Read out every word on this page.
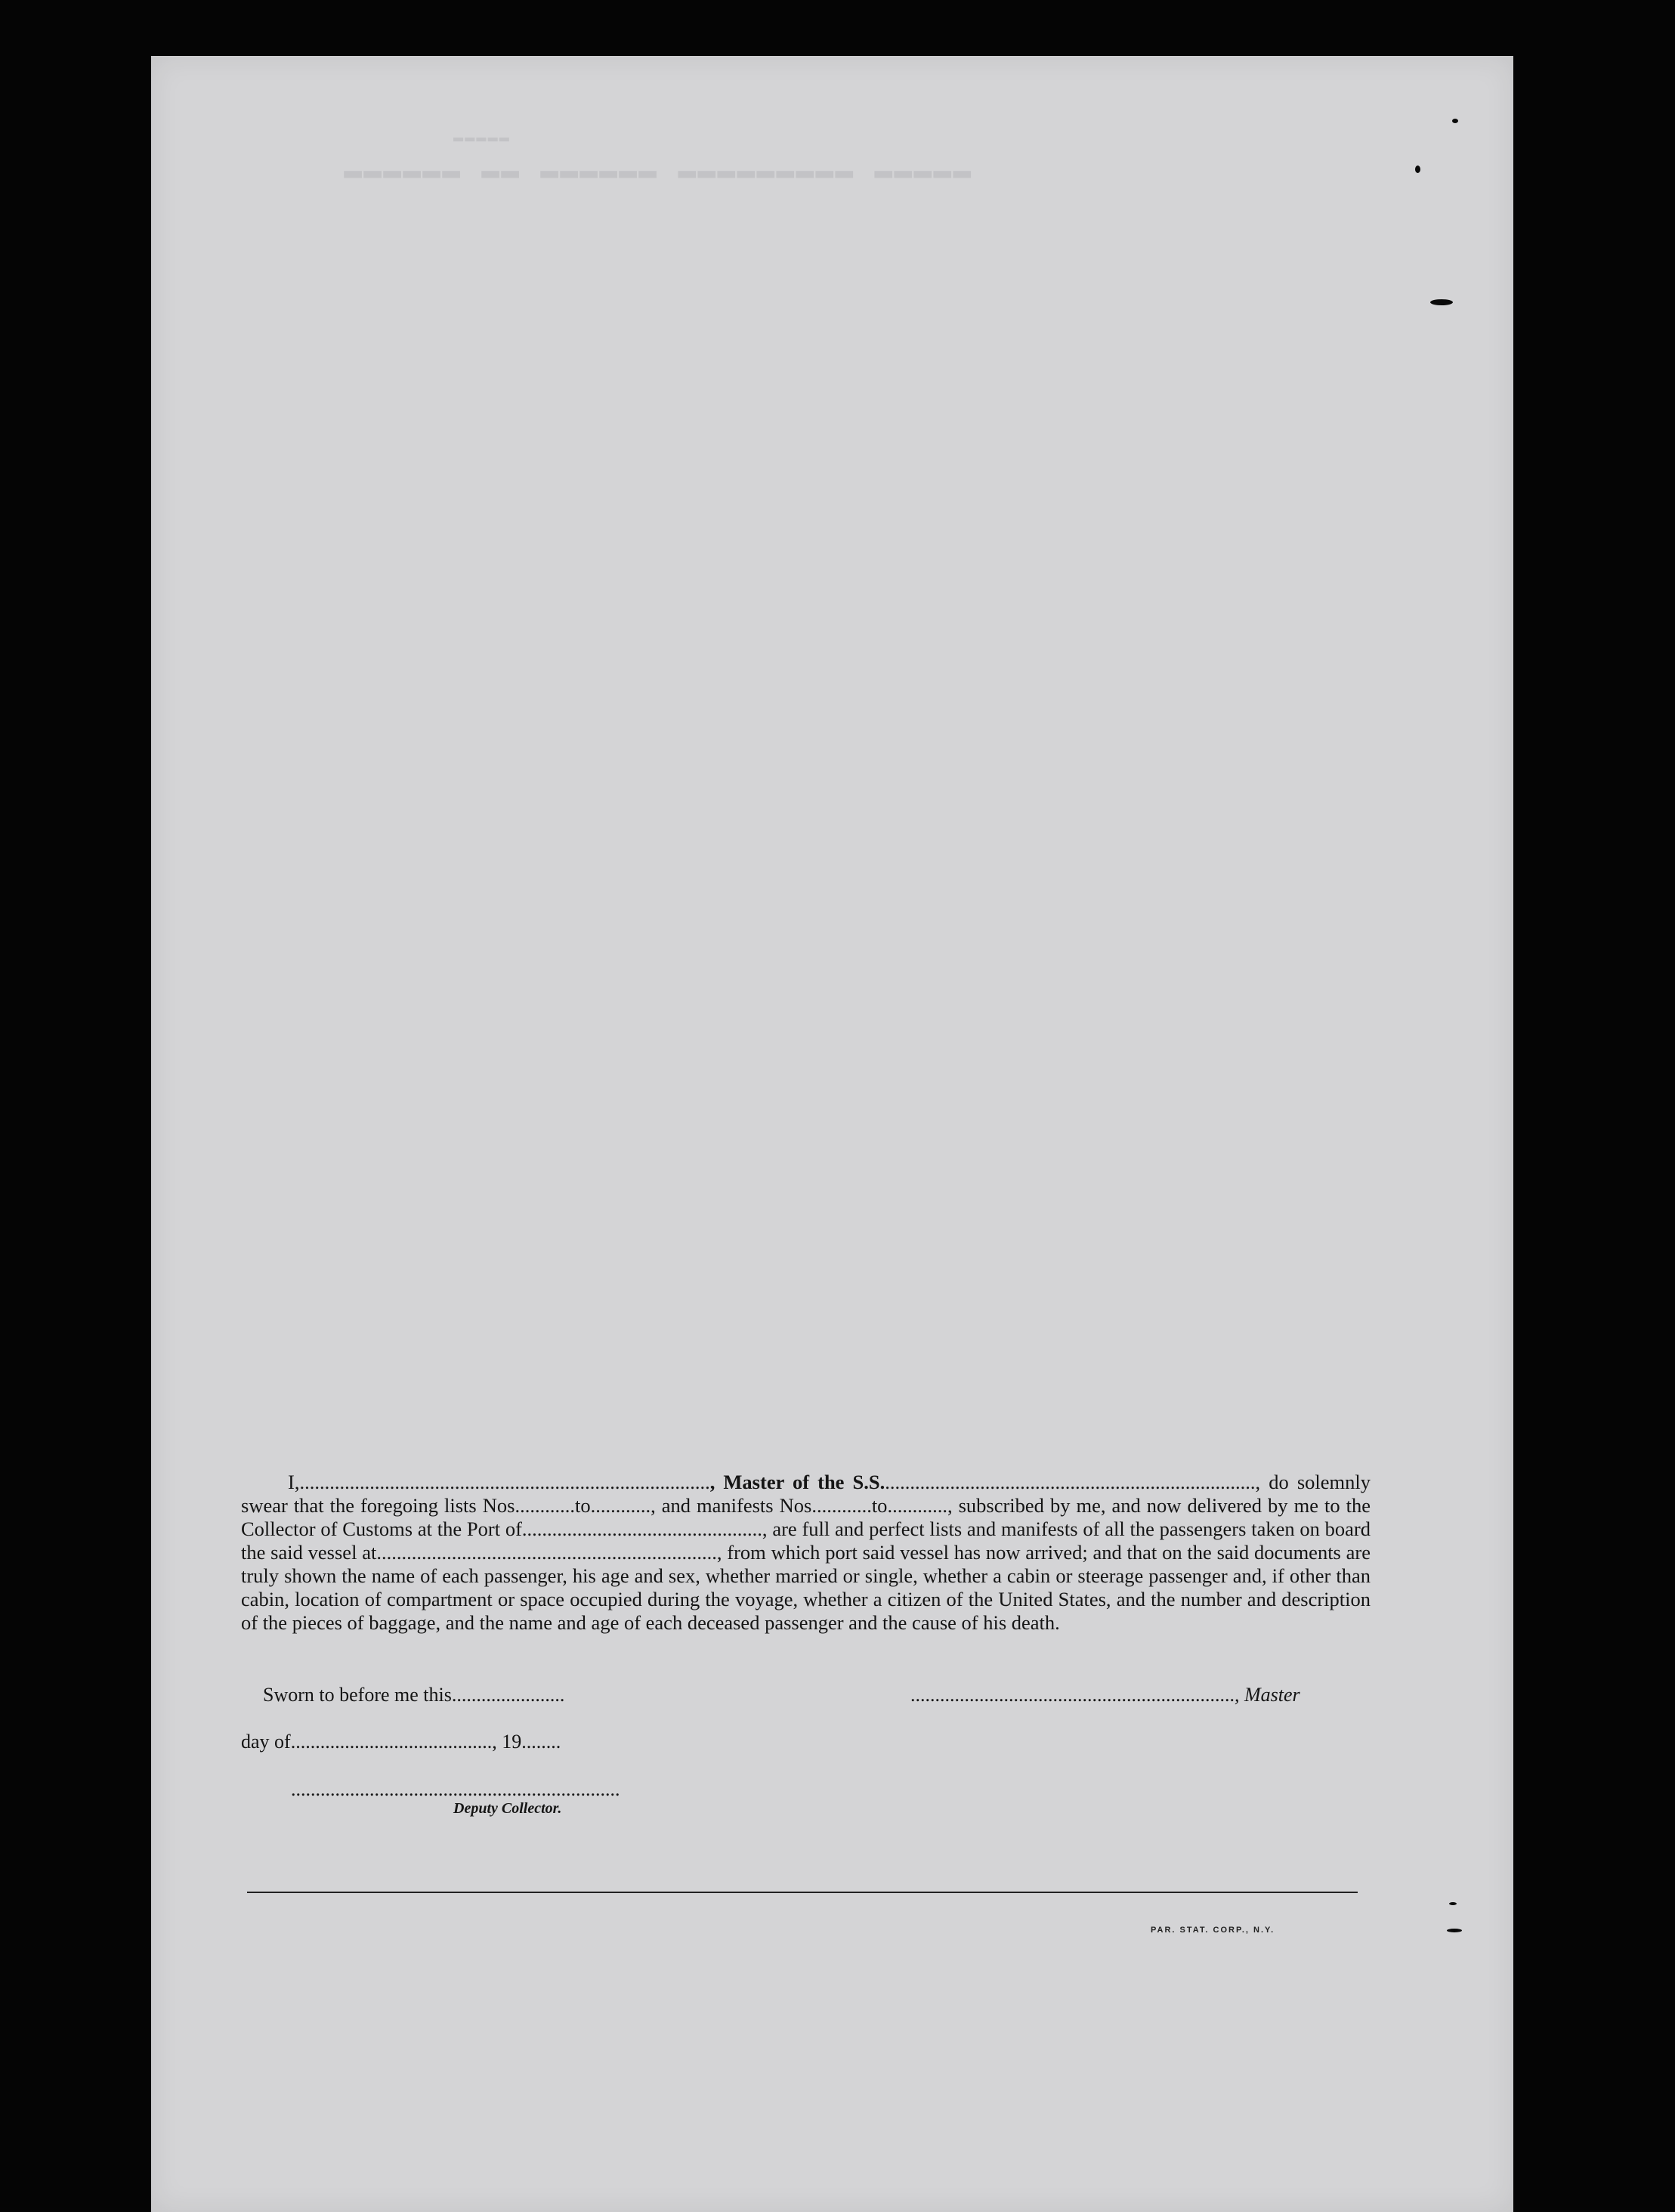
▬▬▬▬▬
▬▬▬▬▬▬ ▬▬ ▬▬▬▬▬▬ ▬▬▬▬▬▬▬▬▬ ▬▬▬▬▬

I,.................................................................................., Master of the S.S..........................................................................., do solemnly swear that the foregoing lists Nos............to............, and manifests Nos............to............, subscribed by me, and now delivered by me to the Collector of Customs at the Port of................................................, are full and perfect lists and manifests of all the passengers taken on board the said vessel at...................................................................., from which port said vessel has now arrived; and that on the said documents are truly shown the name of each passenger, his age and sex, whether married or single, whether a cabin or steerage passenger and, if other than cabin, location of compartment or space occupied during the voyage, whether a citizen of the United States, and the number and description of the pieces of baggage, and the name and age of each deceased passenger and the cause of his death.

Sworn to before me this.......................	.................................................................., Master
day of........................................., 19........
...................................................................
Deputy Collector.
PAR. STAT. CORP., N.Y.
